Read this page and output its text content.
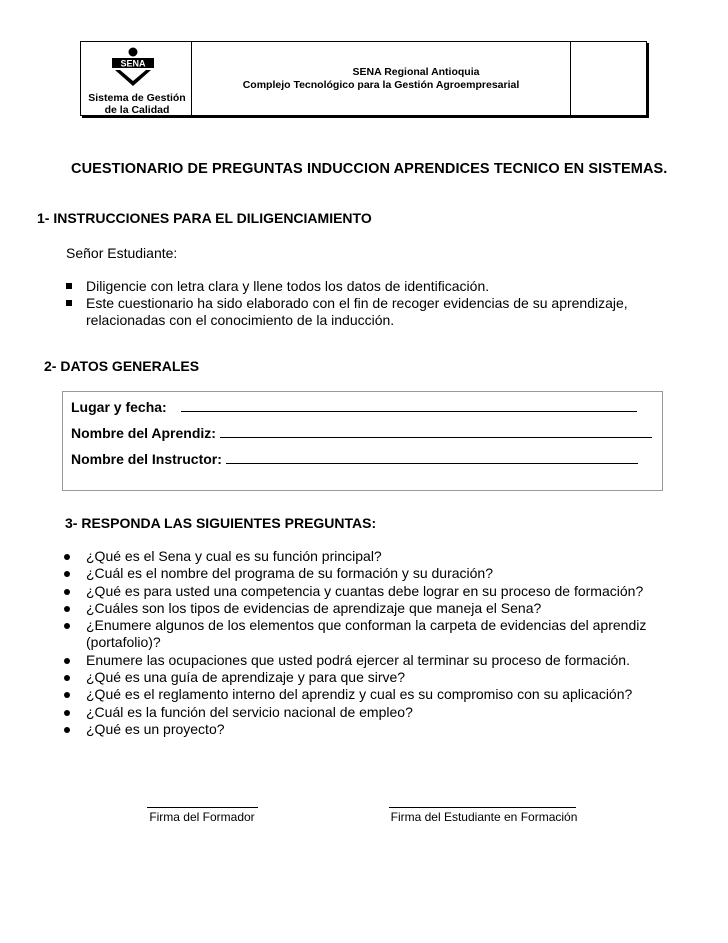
SENA
Sistema de Gestión
de la Calidad
SENA Regional Antioquia
Complejo Tecnológico para la Gestión Agroempresarial
CUESTIONARIO DE PREGUNTAS INDUCCION APRENDICES TECNICO EN SISTEMAS.
1- INSTRUCCIONES PARA EL DILIGENCIAMIENTO
Señor Estudiante:
Diligencie con letra clara y llene todos los datos de identificación.
Este cuestionario ha sido elaborado con el fin de recoger evidencias de su aprendizaje, relacionadas con el conocimiento de la inducción.
2- DATOS GENERALES
Lugar y fecha:
Nombre del Aprendiz:
Nombre del Instructor:
3- RESPONDA LAS SIGUIENTES PREGUNTAS:
¿Qué es el Sena y cual es su función principal?
¿Cuál es el nombre del programa de su formación y su duración?
¿Qué es para usted una competencia y cuantas debe lograr en su proceso de formación?
¿Cuáles son los tipos de evidencias de aprendizaje que maneja el Sena?
¿Enumere algunos de los elementos que conforman la carpeta de evidencias del aprendiz (portafolio)?
Enumere las ocupaciones que usted podrá ejercer al terminar su proceso de formación.
¿Qué es una guía de aprendizaje y para que sirve?
¿Qué es el reglamento interno del aprendiz y cual es su compromiso con su aplicación?
¿Cuál es la función del servicio nacional de empleo?
¿Qué es un proyecto?
Firma del Formador	Firma del Estudiante en Formación
